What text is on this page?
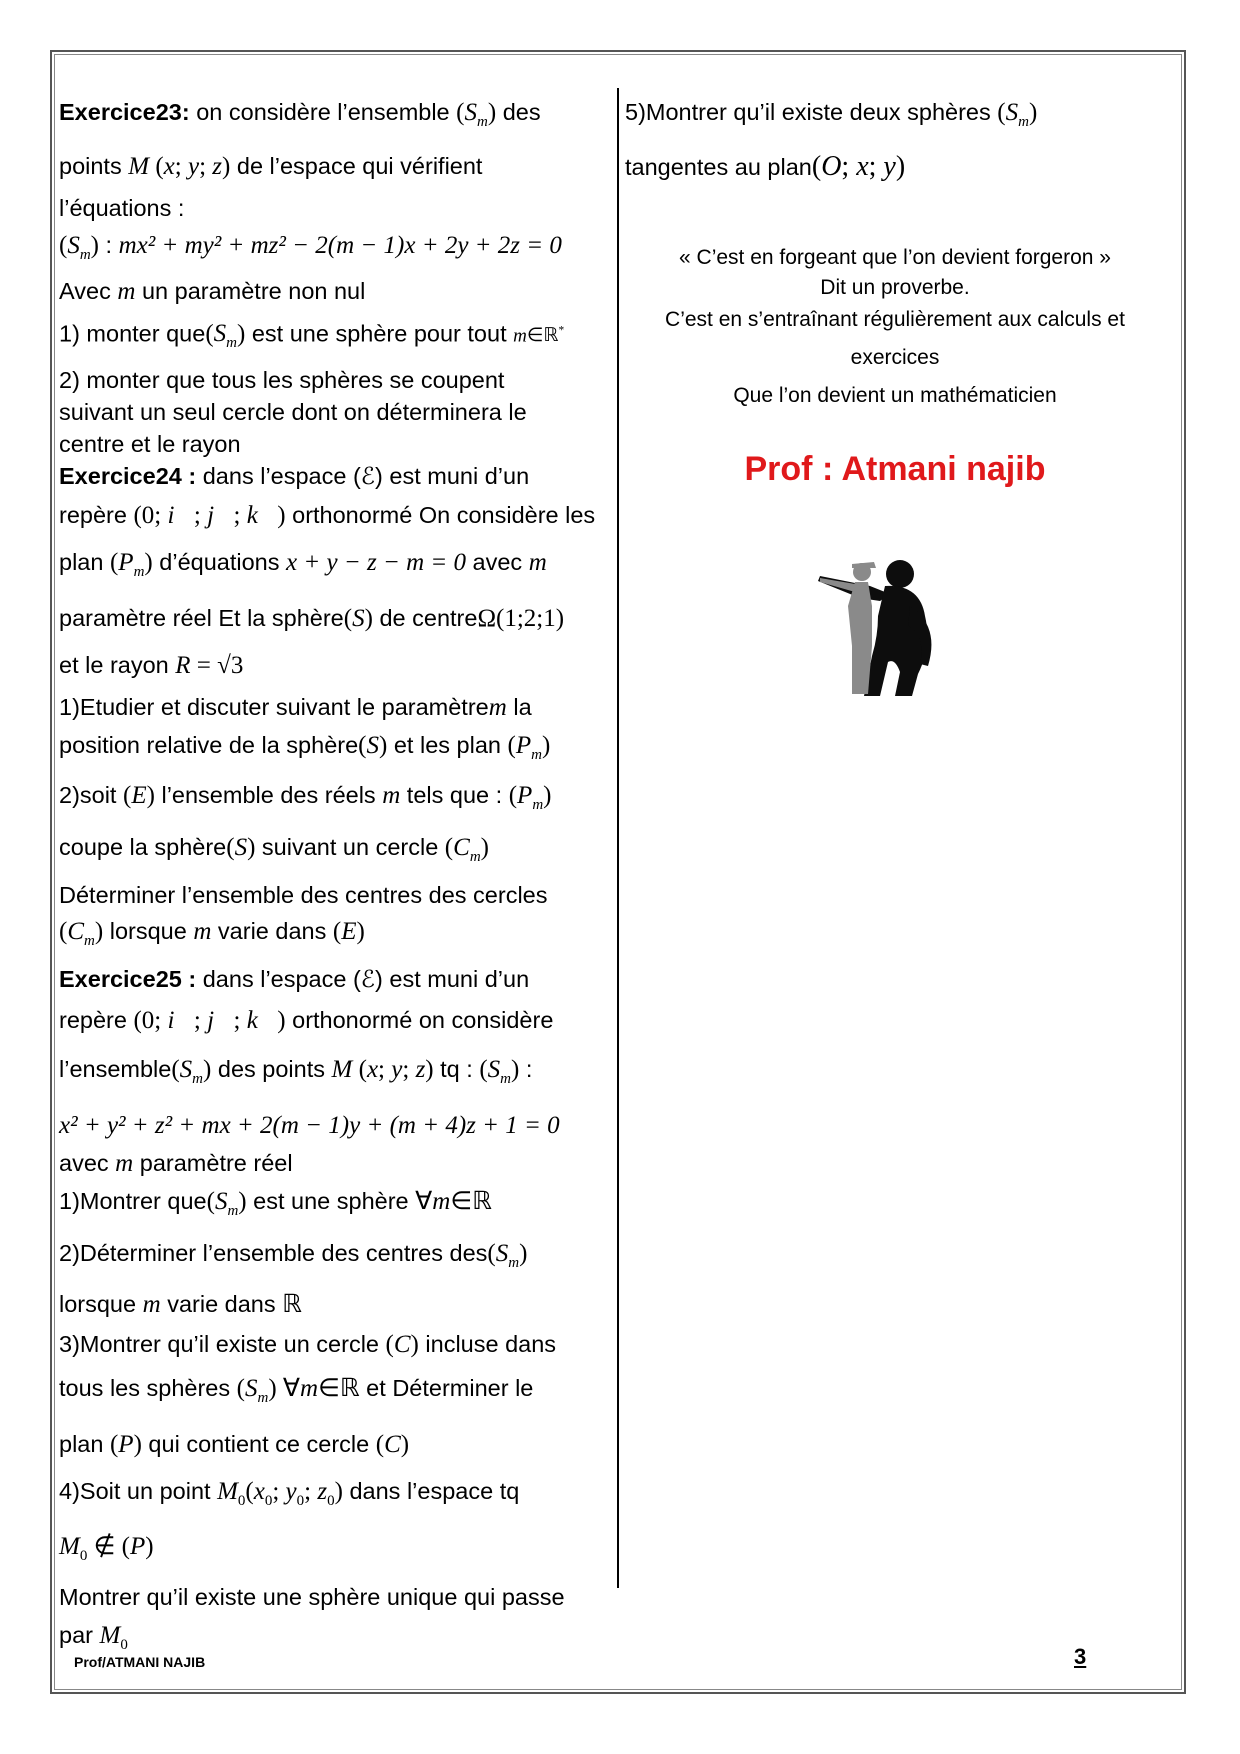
Exercice23: on considère l’ensemble $(S_m)$ des

points M (x; y; z) de l’espace qui vérifient

l’équations :

$(S_m)$ : mx² + my² + mz² − 2(m − 1)x + 2y + 2z = 0

Avec m un paramètre non nul

1) monter $que(S_m)$ est une sphère pour tout m∈ℝ*

2) monter que tous les sphères se coupent

suivant un seul cercle dont on déterminera le

centre et le rayon

Exercice24 : dans l’espace (ℰ) est muni d’un

repère (0; i⃗; j⃗; k⃗) orthonormé On considère les

plan $(P_m)$ d’équations x + y − z − m = 0 avec m

paramètre réel Et la sphère(S) de centreΩ(1;2;1)

et le rayon R = √3

1)Etudier et discuter suivant le paramètrem la

position relative de la sphère(S) et les plan $(P_m)$

2)soit (E) l’ensemble des réels m tels que : $(P_m)$

coupe la sphère(S) suivant un cercle $(C_m)$

Déterminer l’ensemble des centres des cercles

$(C_m)$ lorsque m varie dans (E)

Exercice25 : dans l’espace (ℰ) est muni d’un

repère (0; i⃗; j⃗; k⃗) orthonormé on considère

$l’ensemble(S_m)$ des points M (x; y; z) tq : $(S_m)$ :

x² + y² + z² + mx + 2(m − 1)y + (m + 4)z + 1 = 0

avec m paramètre réel

1)Montrer $que(S_m)$ est une sphère ∀m∈ℝ

2)Déterminer l’ensemble des centres $des(S_m)$

lorsque m varie dans ℝ

3)Montrer qu’il existe un cercle (C) incluse dans

tous les sphères $(S_m)$ ∀m∈ℝ et Déterminer le

plan (P) qui contient ce cercle (C)

4)Soit un point $M_0(x_0$; $y_0$; $z_0$) dans l’espace tq

$M_0$ ∉ (P)

Montrer qu’il existe une sphère unique qui passe

par $M_0$

5)Montrer qu’il existe deux sphères $(S_m)$

tangentes au plan(O; x; y)

« C’est en forgeant que l’on devient forgeron »

Dit un proverbe.

C’est en s’entraînant régulièrement aux calculs et

exercices

Que l’on devient un mathématicien

Prof : Atmani najib
Prof/ATMANI NAJIB	3
